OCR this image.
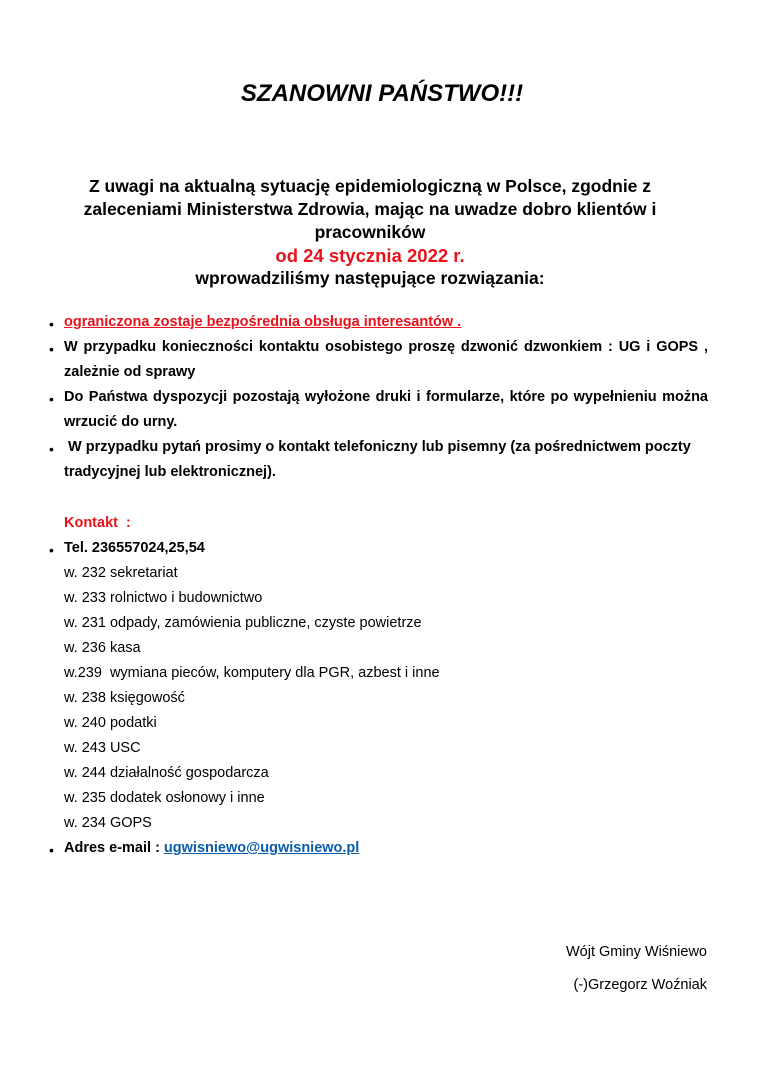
SZANOWNI PAŃSTWO!!!
Z uwagi na aktualną sytuację epidemiologiczną w Polsce, zgodnie z
zaleceniami Ministerstwa Zdrowia, mając na uwadze dobro klientów i
pracowników
od 24 stycznia 2022 r.
wprowadziliśmy następujące rozwiązania:
• ograniczona zostaje bezpośrednia obsługa interesantów .
• W przypadku konieczności kontaktu osobistego proszę dzwonić dzwonkiem : UG i GOPS ,
zależnie od sprawy
• Do Państwa dyspozycji pozostają wyłożone druki i formularze, które po wypełnieniu można
wrzucić do urny.
• W przypadku pytań prosimy o kontakt telefoniczny lub pisemny (za pośrednictwem poczty
tradycyjnej lub elektronicznej).
Kontakt  :
• Tel. 236557024,25,54
w. 232 sekretariat
w. 233 rolnictwo i budownictwo
w. 231 odpady, zamówienia publiczne, czyste powietrze
w. 236 kasa
w.239  wymiana pieców, komputery dla PGR, azbest i inne
w. 238 księgowość
w. 240 podatki
w. 243 USC
w. 244 działalność gospodarcza
w. 235 dodatek osłonowy i inne
w. 234 GOPS
• Adres e-mail : ugwisniewo@ugwisniewo.pl
Wójt Gminy Wiśniewo
(-)Grzegorz Woźniak
